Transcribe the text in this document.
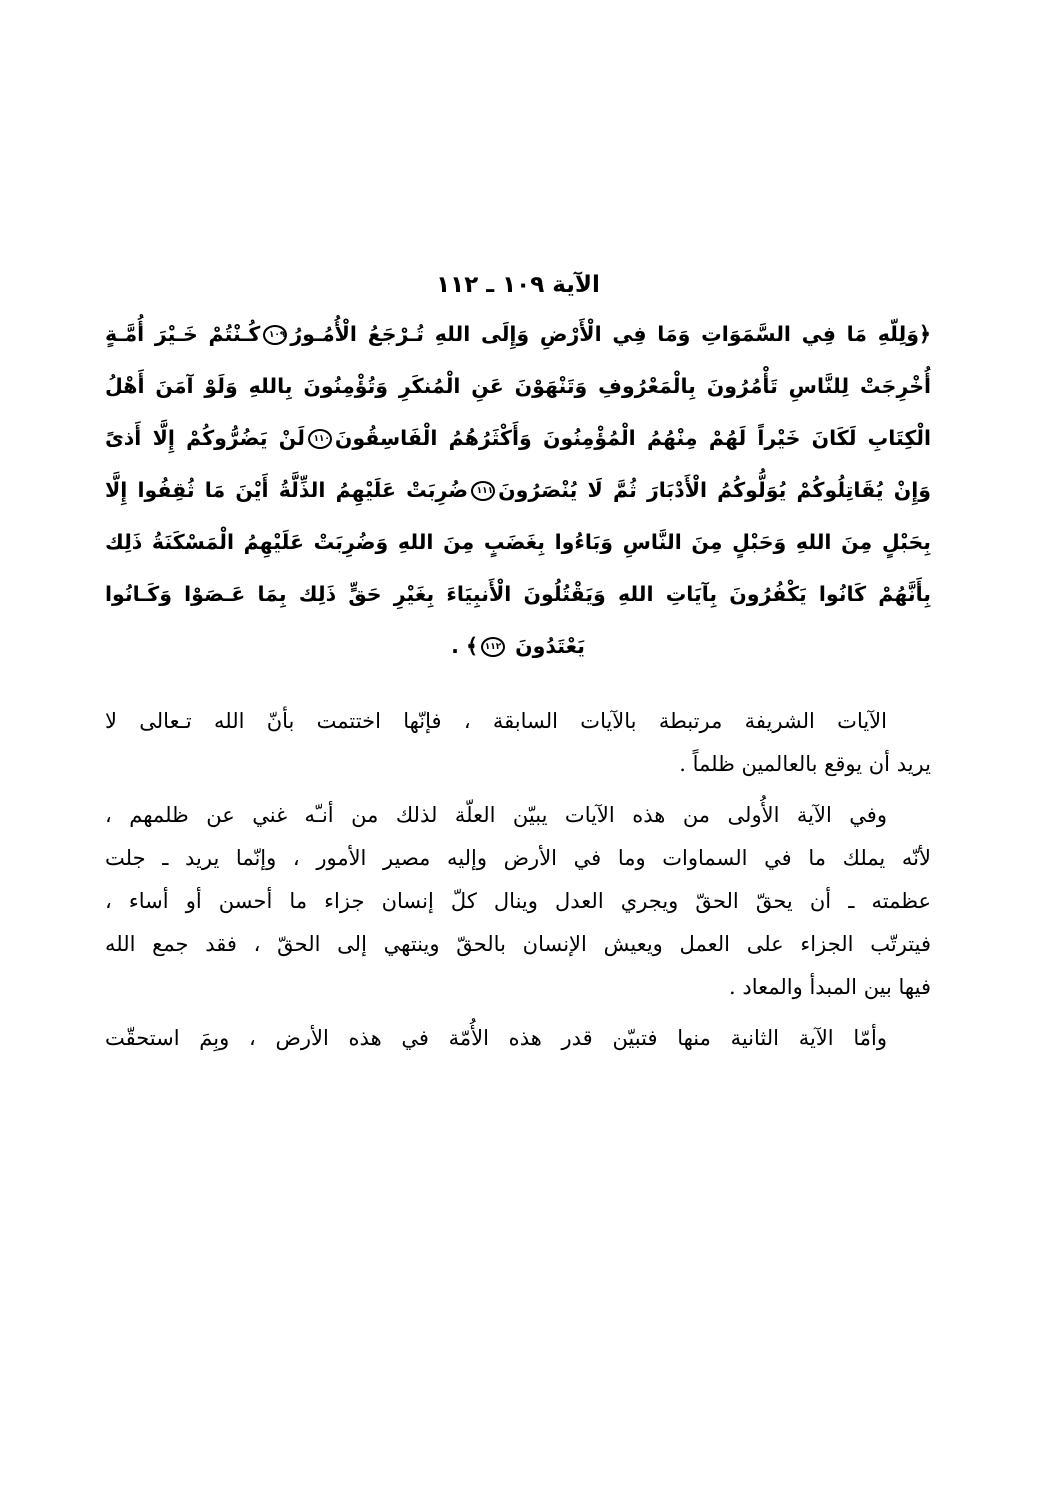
الآية ١٠٩ ـ ١١٢
﴿وَلِلّهِ مَا فِي السَّمَوَاتِ وَمَا فِي الْأَرْضِ وَإِلَى اللهِ تُـرْجَعُ الْأُمُـورُ١٠٩كُـنْتُمْ خَـيْرَ أُمَّـةٍ
أُخْرِجَتْ لِلنَّاسِ تَأْمُرُونَ بِالْمَعْرُوفِ وَتَنْهَوْنَ عَنِ الْمُنكَرِ وَتُؤْمِنُونَ بِاللهِ وَلَوْ آمَنَ أَهْلُ
الْكِتَابِ لَكَانَ خَيْراً لَهُمْ مِنْهُمُ الْمُؤْمِنُونَ وَأَكْثَرُهُمُ الْفَاسِقُونَ١١٠لَنْ يَضُرُّوكُمْ إِلَّا أَذىً
وَإِنْ يُقَاتِلُوكُمْ يُوَلُّوكُمُ الْأَدْبَارَ ثُمَّ لَا يُنْصَرُونَ١١١ضُرِبَتْ عَلَيْهِمُ الذِّلَّةُ أَيْنَ مَا ثُقِفُوا إِلَّا
بِحَبْلٍ مِنَ اللهِ وَحَبْلٍ مِنَ النَّاسِ وَبَاءُوا بِغَضَبٍ مِنَ اللهِ وَضُرِبَتْ عَلَيْهِمُ الْمَسْكَنَةُ ذَلِك
بِأَنَّهُمْ كَانُوا يَكْفُرُونَ بِآيَاتِ اللهِ وَيَقْتُلُونَ الْأَنبِيَاءَ بِغَيْرِ حَقٍّ ذَلِك بِمَا عَـصَوْا وَكَـانُوا
يَعْتَدُونَ ١١٢﴾ .
الآيات الشريفة مرتبطة بالآيات السابقة ، فإنّها اختتمت بأنّ الله تـعالى لا
يريد أن يوقع بالعالمين ظلماً .
وفي الآية الأُولى من هذه الآيات يبيّن العلّة لذلك من أنـّه غني عن ظلمهم ،
لأنّه يملك ما في السماوات وما في الأرض وإليه مصير الأمور ، وإنّما يريد ـ جلت
عظمته ـ أن يحقّ الحقّ ويجري العدل وينال كلّ إنسان جزاء ما أحسن أو أساء ،
فيترتّب الجزاء على العمل ويعيش الإنسان بالحقّ وينتهي إلى الحقّ ، فقد جمع الله
فيها بين المبدأ والمعاد .
وأمّا الآية الثانية منها فتبيّن قدر هذه الأُمّة في هذه الأرض ، وبِمَ استحقّت
